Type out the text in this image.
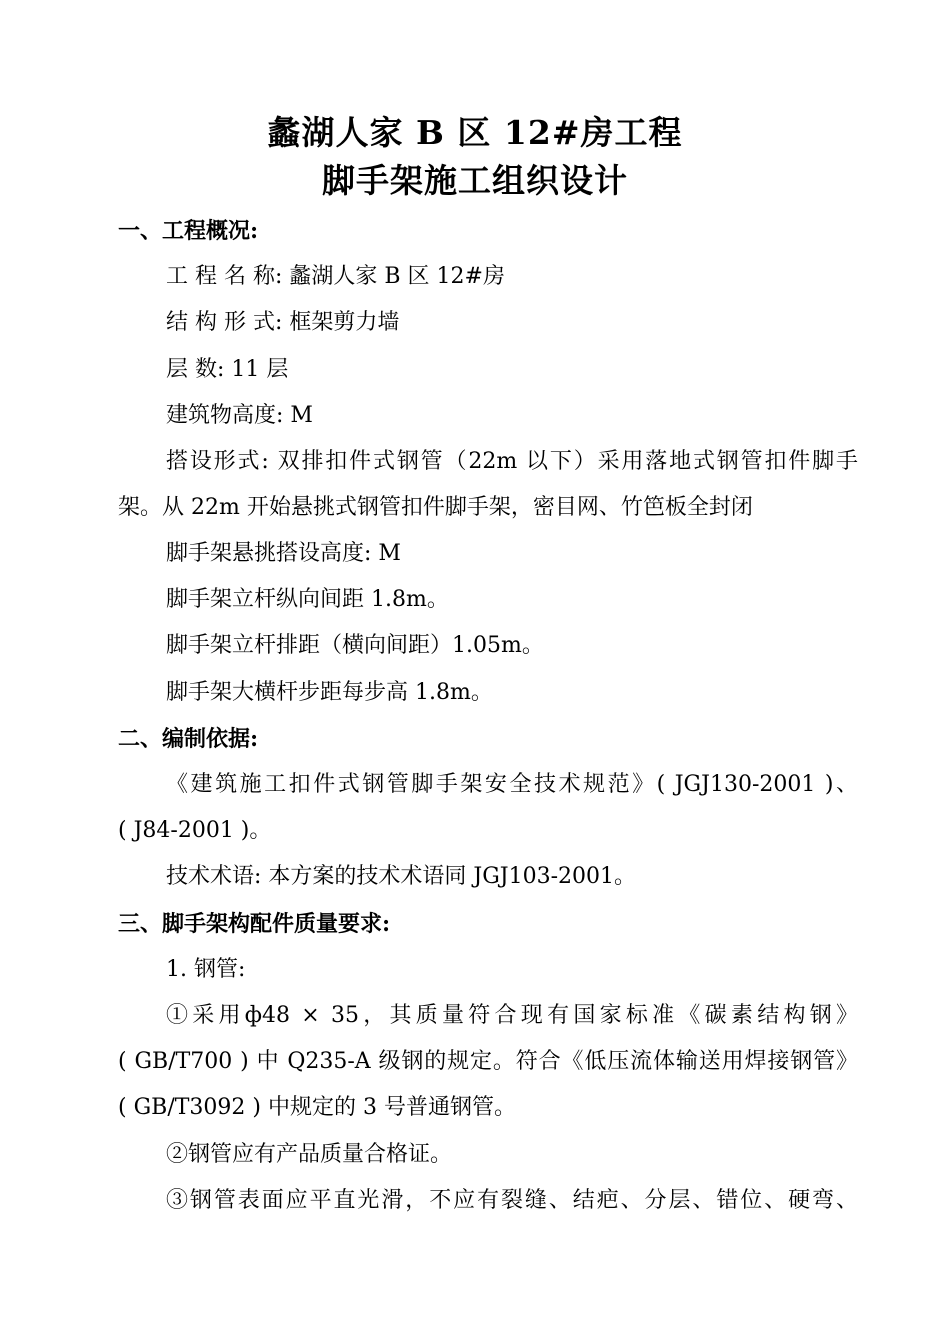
蠡湖人家 B 区 12#房工程
脚手架施工组织设计
一、工程概况:
工 程 名 称: 蠡湖人家 B 区 12#房
结 构 形 式: 框架剪力墙
层 数: 11 层
建筑物高度: M
搭设形式: 双排扣件式钢管（22m 以下）采用落地式钢管扣件脚手
架。从 22m 开始悬挑式钢管扣件脚手架，密目网、竹笆板全封闭
脚手架悬挑搭设高度: M
脚手架立杆纵向间距 1.8m。
脚手架立杆排距（横向间距）1.05m。
脚手架大横杆步距每步高 1.8m。
二、编制依据:
《建筑施工扣件式钢管脚手架安全技术规范》( JGJ130-2001 )、
( J84-2001 )。
技术术语: 本方案的技术术语同 JGJ103-2001。
三、脚手架构配件质量要求:
1. 钢管:
①采用ф48 × 35，其质量符合现有国家标准《碳素结构钢》
( GB/T700 ) 中 Q235-A 级钢的规定。符合《低压流体输送用焊接钢管》
( GB/T3092 ) 中规定的 3 号普通钢管。
②钢管应有产品质量合格证。
③钢管表面应平直光滑，不应有裂缝、结疤、分层、错位、硬弯、
